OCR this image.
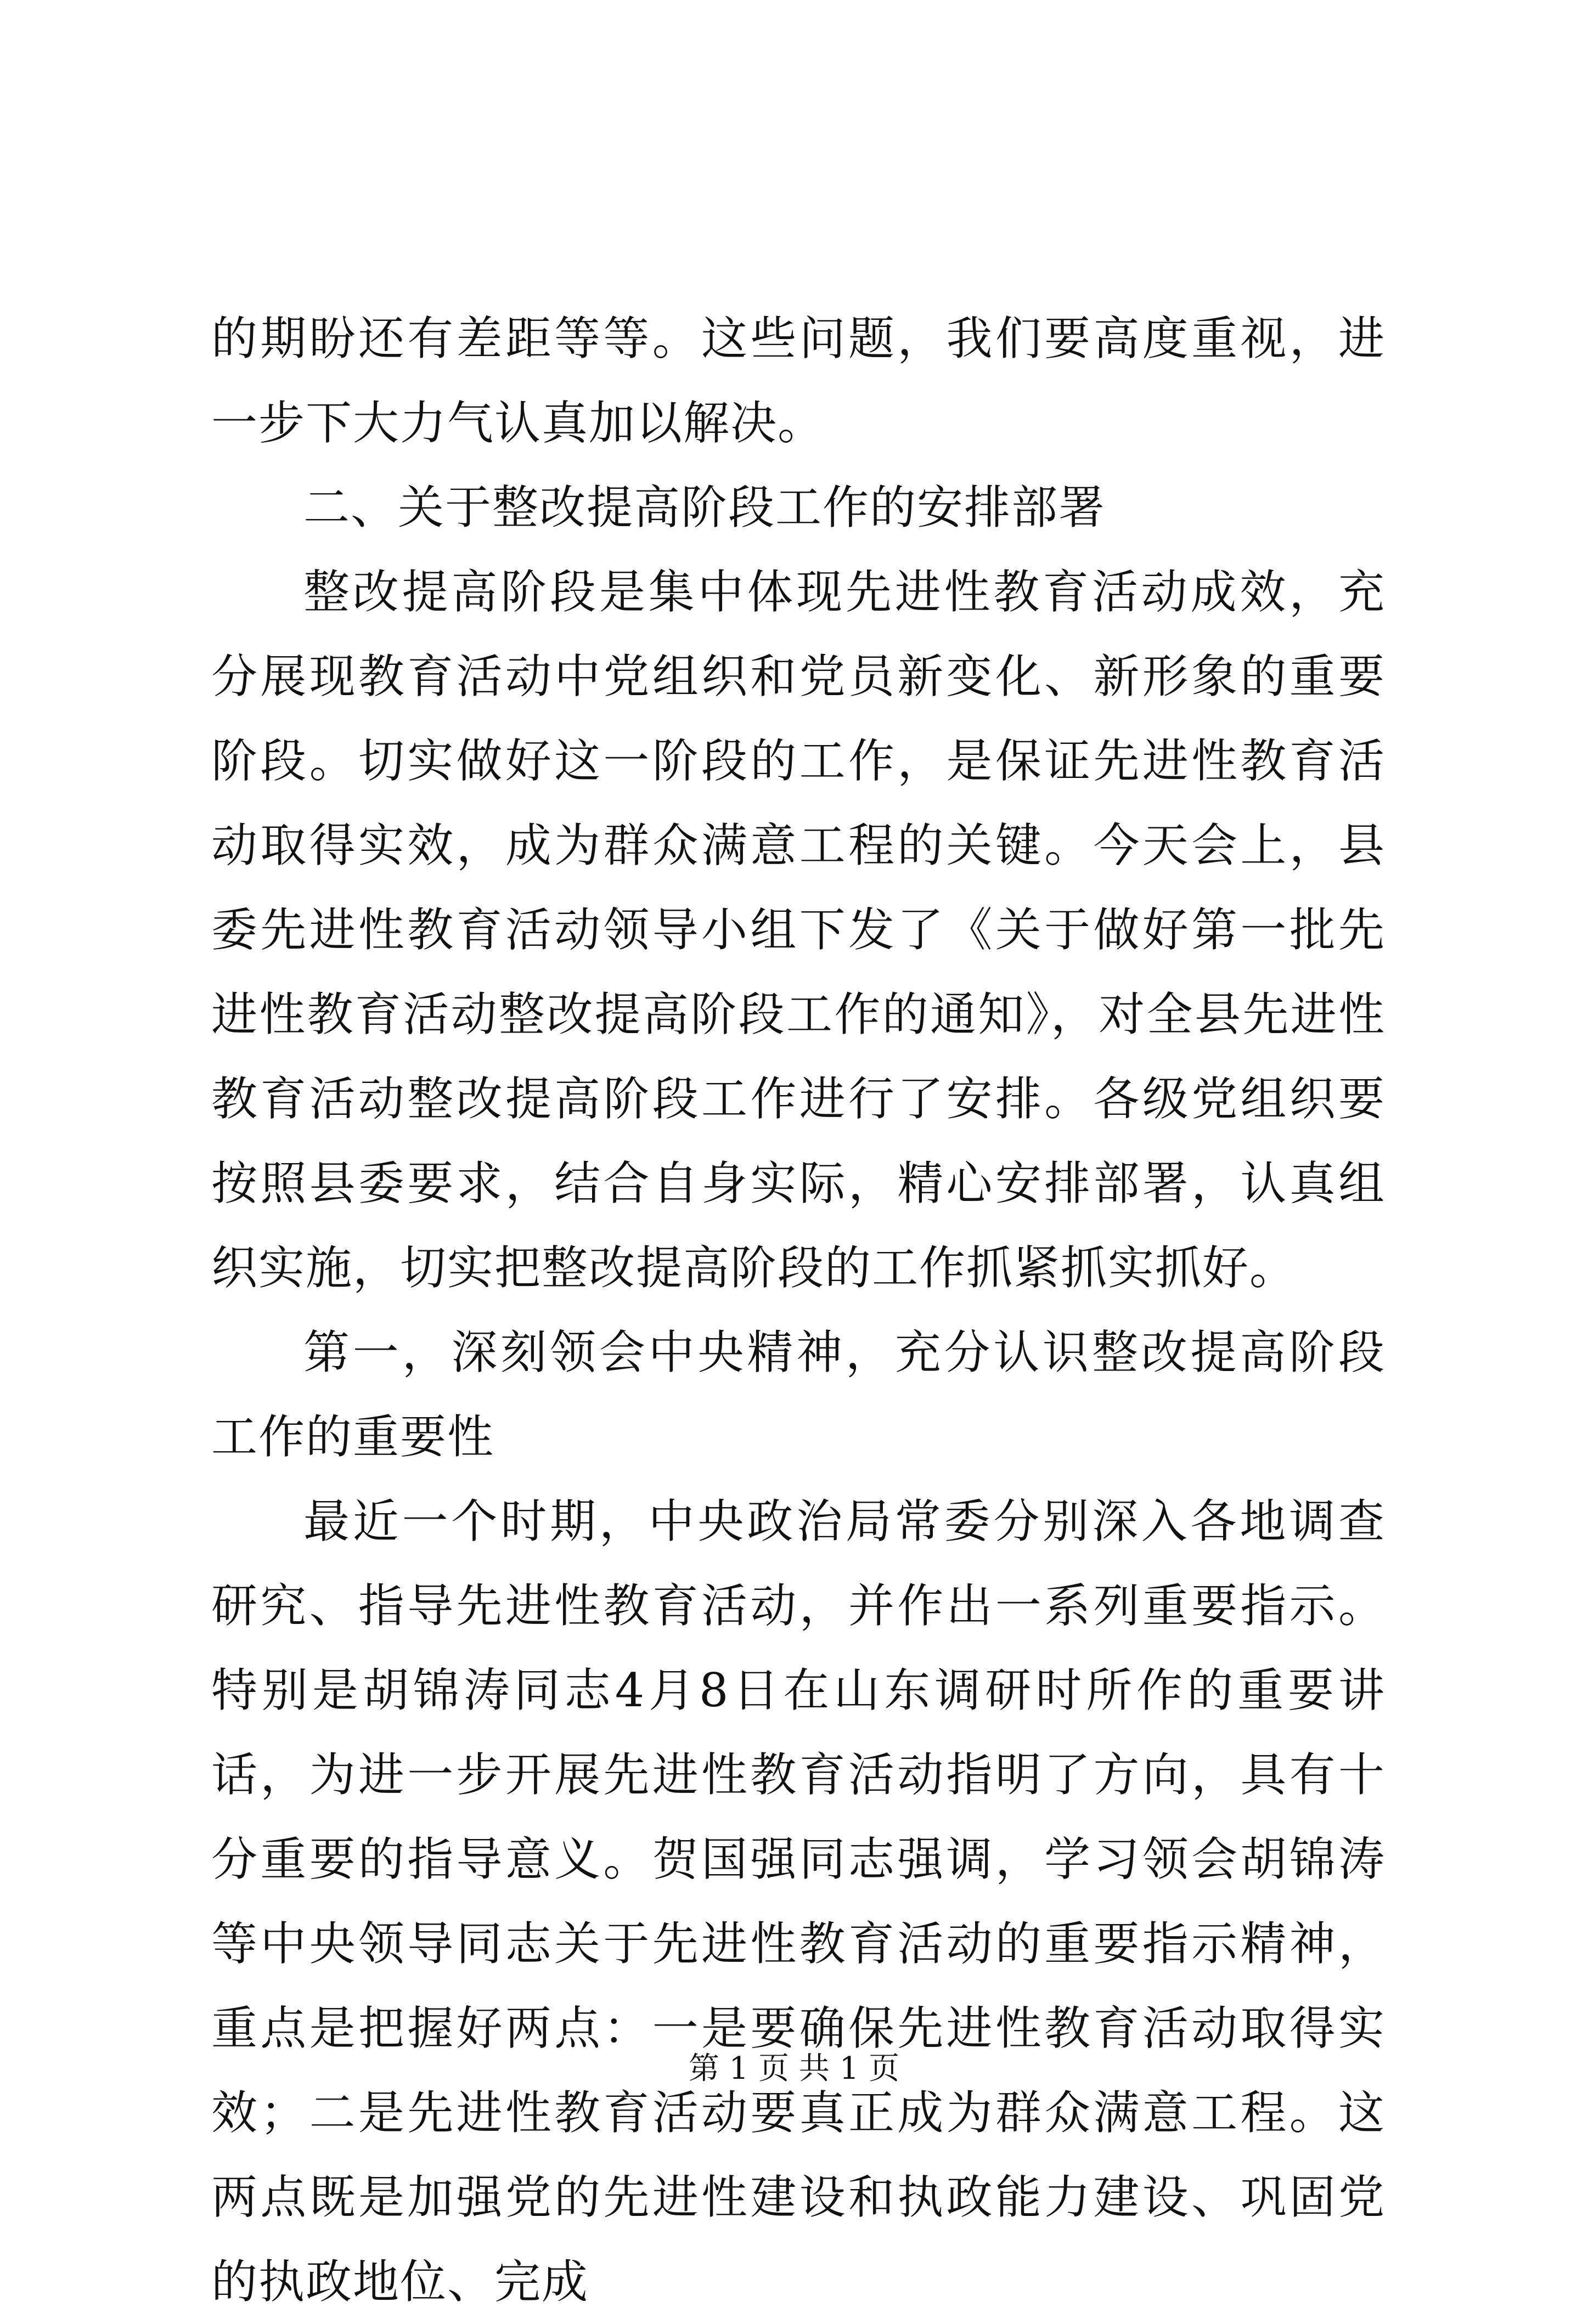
的期盼还有差距等等。这些问题，我们要高度重视，进一步下大力气认真加以解决。

二、关于整改提高阶段工作的安排部署

整改提高阶段是集中体现先进性教育活动成效，充分展现教育活动中党组织和党员新变化、新形象的重要阶段。切实做好这一阶段的工作，是保证先进性教育活动取得实效，成为群众满意工程的关键。今天会上，县委先进性教育活动领导小组下发了《关于做好第一批先进性教育活动整改提高阶段工作的通知》，对全县先进性教育活动整改提高阶段工作进行了安排。各级党组织要按照县委要求，结合自身实际，精心安排部署，认真组织实施，切实把整改提高阶段的工作抓紧抓实抓好。

第一，深刻领会中央精神，充分认识整改提高阶段工作的重要性

最近一个时期，中央政治局常委分别深入各地调查研究、指导先进性教育活动，并作出一系列重要指示。特别是胡锦涛同志4月8日在山东调研时所作的重要讲话，为进一步开展先进性教育活动指明了方向，具有十分重要的指导意义。贺国强同志强调，学习领会胡锦涛等中央领导同志关于先进性教育活动的重要指示精神，重点是把握好两点：一是要确保先进性教育活动取得实效；二是先进性教育活动要真正成为群众满意工程。这两点既是加强党的先进性建设和执政能力建设、巩固党的执政地位、完成

第 1 页 共 1 页
